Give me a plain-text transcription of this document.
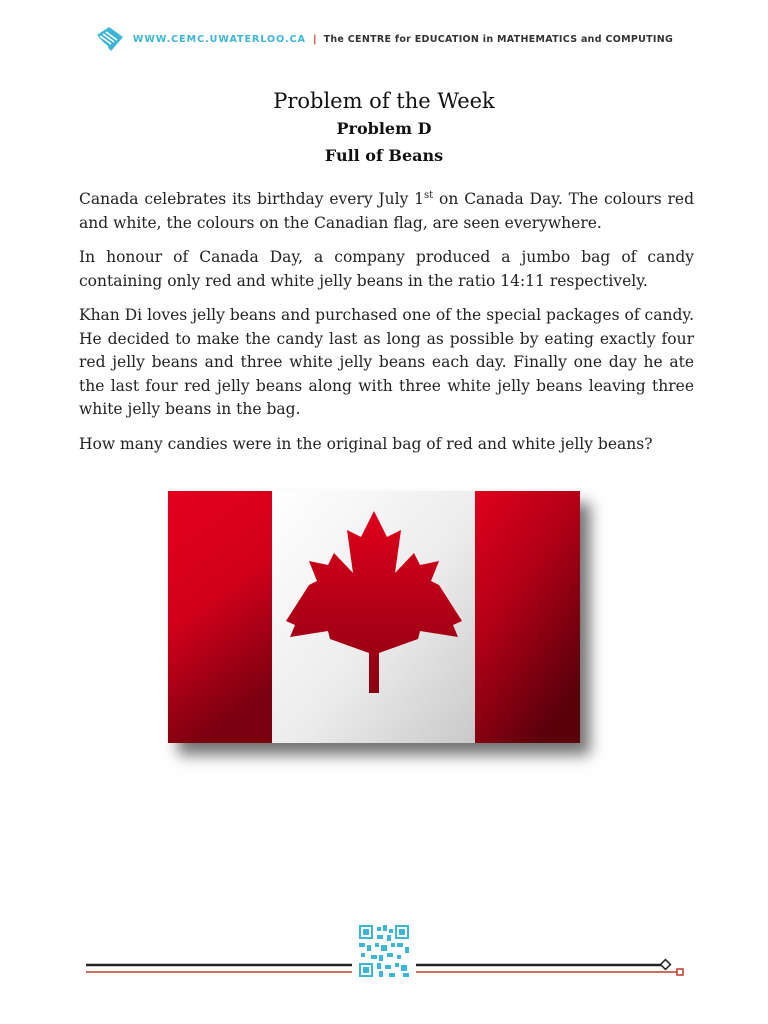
WWW.CEMC.UWATERLOO.CA | The CENTRE for EDUCATION in MATHEMATICS and COMPUTING

Problem of the Week

Problem D

Full of Beans

Canada celebrates its birthday every July 1st on Canada Day. The colours red and white, the colours on the Canadian flag, are seen everywhere.

In honour of Canada Day, a company produced a jumbo bag of candy containing only red and white jelly beans in the ratio 14:11 respectively.

Khan Di loves jelly beans and purchased one of the special packages of candy. He decided to make the candy last as long as possible by eating exactly four red jelly beans and three white jelly beans each day. Finally one day he ate the last four red jelly beans along with three white jelly beans leaving three white jelly beans in the bag.

How many candies were in the original bag of red and white jelly beans?
